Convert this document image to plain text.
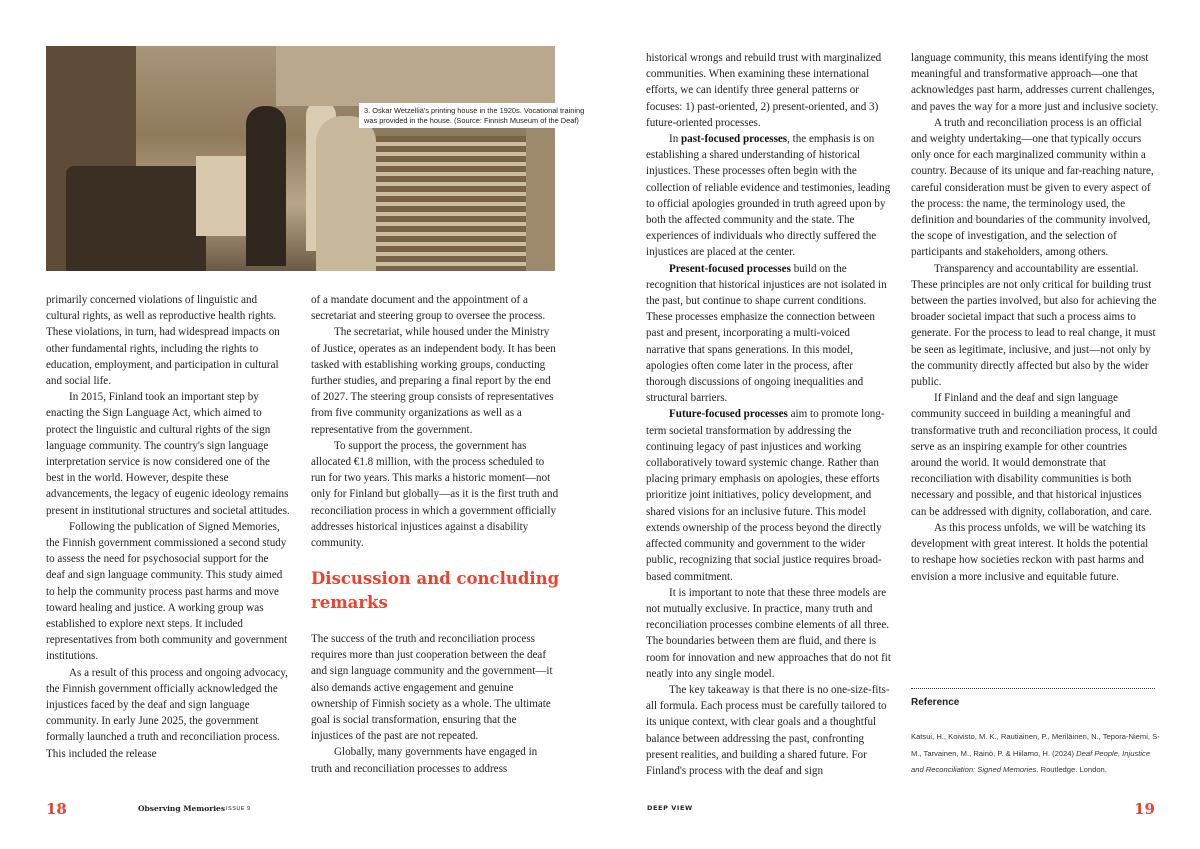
3. Oskar Wetzelliä's printing house in the 1920s. Vocational training was provided in the house. (Source: Finnish Museum of the Deaf)

primarily concerned violations of linguistic and cultural rights, as well as reproductive health rights. These violations, in turn, had widespread impacts on other fundamental rights, including the rights to education, employment, and participation in cultural and social life.

In 2015, Finland took an important step by enacting the Sign Language Act, which aimed to protect the linguistic and cultural rights of the sign language community. The country's sign language interpretation service is now considered one of the best in the world. However, despite these advancements, the legacy of eugenic ideology remains present in institutional structures and societal attitudes.

Following the publication of Signed Memories, the Finnish government commissioned a second study to assess the need for psychosocial support for the deaf and sign language community. This study aimed to help the community process past harms and move toward healing and justice. A working group was established to explore next steps. It included representatives from both community and government institutions.

As a result of this process and ongoing advocacy, the Finnish government officially acknowledged the injustices faced by the deaf and sign language community. In early June 2025, the government formally launched a truth and reconciliation process. This included the release

of a mandate document and the appointment of a secretariat and steering group to oversee the process.

The secretariat, while housed under the Ministry of Justice, operates as an independent body. It has been tasked with establishing working groups, conducting further studies, and preparing a final report by the end of 2027. The steering group consists of representatives from five community organizations as well as a representative from the government.

To support the process, the government has allocated €1.8 million, with the process scheduled to run for two years. This marks a historic moment—not only for Finland but globally—as it is the first truth and reconciliation process in which a government officially addresses historical injustices against a disability community.

Discussion and concluding remarks

The success of the truth and reconciliation process requires more than just cooperation between the deaf and sign language community and the government—it also demands active engagement and genuine ownership of Finnish society as a whole. The ultimate goal is social transformation, ensuring that the injustices of the past are not repeated.

Globally, many governments have engaged in truth and reconciliation processes to address

historical wrongs and rebuild trust with marginalized communities. When examining these international efforts, we can identify three general patterns or focuses: 1) past-oriented, 2) present-oriented, and 3) future-oriented processes.

In past-focused processes, the emphasis is on establishing a shared understanding of historical injustices. These processes often begin with the collection of reliable evidence and testimonies, leading to official apologies grounded in truth agreed upon by both the affected community and the state. The experiences of individuals who directly suffered the injustices are placed at the center.

Present-focused processes build on the recognition that historical injustices are not isolated in the past, but continue to shape current conditions. These processes emphasize the connection between past and present, incorporating a multi-voiced narrative that spans generations. In this model, apologies often come later in the process, after thorough discussions of ongoing inequalities and structural barriers.

Future-focused processes aim to promote long-term societal transformation by addressing the continuing legacy of past injustices and working collaboratively toward systemic change. Rather than placing primary emphasis on apologies, these efforts prioritize joint initiatives, policy development, and shared visions for an inclusive future. This model extends ownership of the process beyond the directly affected community and government to the wider public, recognizing that social justice requires broad-based commitment.

It is important to note that these three models are not mutually exclusive. In practice, many truth and reconciliation processes combine elements of all three. The boundaries between them are fluid, and there is room for innovation and new approaches that do not fit neatly into any single model.

The key takeaway is that there is no one-size-fits-all formula. Each process must be carefully tailored to its unique context, with clear goals and a thoughtful balance between addressing the past, confronting present realities, and building a shared future. For Finland's process with the deaf and sign

language community, this means identifying the most meaningful and transformative approach—one that acknowledges past harm, addresses current challenges, and paves the way for a more just and inclusive society.

A truth and reconciliation process is an official and weighty undertaking—one that typically occurs only once for each marginalized community within a country. Because of its unique and far-reaching nature, careful consideration must be given to every aspect of the process: the name, the terminology used, the definition and boundaries of the community involved, the scope of investigation, and the selection of participants and stakeholders, among others.

Transparency and accountability are essential. These principles are not only critical for building trust between the parties involved, but also for achieving the broader societal impact that such a process aims to generate. For the process to lead to real change, it must be seen as legitimate, inclusive, and just—not only by the community directly affected but also by the wider public.

If Finland and the deaf and sign language community succeed in building a meaningful and transformative truth and reconciliation process, it could serve as an inspiring example for other countries around the world. It would demonstrate that reconciliation with disability communities is both necessary and possible, and that historical injustices can be addressed with dignity, collaboration, and care.

As this process unfolds, we will be watching its development with great interest. It holds the potential to reshape how societies reckon with past harms and envision a more inclusive and equitable future.

Reference
Katsui, H., Koivisto, M. K., Rautiainen, P., Meriläinen, N., Tepora-Niemi, S-M., Tarvainen, M., Rainò, P. & Hiilamo, H. (2024) Deaf People, Injustice and Reconciliation: Signed Memories. Routledge. London.
18	Observing Memories ISSUE 9	DEEP VIEW	19
